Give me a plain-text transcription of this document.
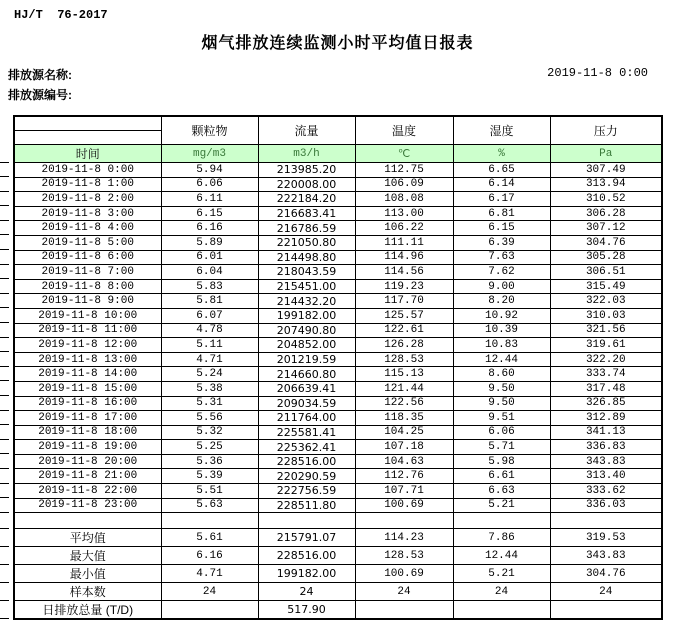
HJ/T  76-2017
烟气排放连续监测小时平均值日报表
排放源名称:	2019-11-8 0:00
排放源编号:
	颗粒物	流量	温度	湿度	压力

时间	mg/m3	m3/h	℃	%	Pa
2019-11-8 0:00	5.94	213985.20	112.75	6.65	307.49
2019-11-8 1:00	6.06	220008.00	106.09	6.14	313.94
2019-11-8 2:00	6.11	222184.20	108.08	6.17	310.52
2019-11-8 3:00	6.15	216683.41	113.00	6.81	306.28
2019-11-8 4:00	6.16	216786.59	106.22	6.15	307.12
2019-11-8 5:00	5.89	221050.80	111.11	6.39	304.76
2019-11-8 6:00	6.01	214498.80	114.96	7.63	305.28
2019-11-8 7:00	6.04	218043.59	114.56	7.62	306.51
2019-11-8 8:00	5.83	215451.00	119.23	9.00	315.49
2019-11-8 9:00	5.81	214432.20	117.70	8.20	322.03
2019-11-8 10:00	6.07	199182.00	125.57	10.92	310.03
2019-11-8 11:00	4.78	207490.80	122.61	10.39	321.56
2019-11-8 12:00	5.11	204852.00	126.28	10.83	319.61
2019-11-8 13:00	4.71	201219.59	128.53	12.44	322.20
2019-11-8 14:00	5.24	214660.80	115.13	8.60	333.74
2019-11-8 15:00	5.38	206639.41	121.44	9.50	317.48
2019-11-8 16:00	5.31	209034.59	122.56	9.50	326.85
2019-11-8 17:00	5.56	211764.00	118.35	9.51	312.89
2019-11-8 18:00	5.32	225581.41	104.25	6.06	341.13
2019-11-8 19:00	5.25	225362.41	107.18	5.71	336.83
2019-11-8 20:00	5.36	228516.00	104.63	5.98	343.83
2019-11-8 21:00	5.39	220290.59	112.76	6.61	313.40
2019-11-8 22:00	5.51	222756.59	107.71	6.63	333.62
2019-11-8 23:00	5.63	228511.80	100.69	5.21	336.03

平均值	5.61	215791.07	114.23	7.86	319.53
最大值	6.16	228516.00	128.53	12.44	343.83
最小值	4.71	199182.00	100.69	5.21	304.76
样本数	24	24	24	24	24
日排放总量 (T/D)		517.90			
